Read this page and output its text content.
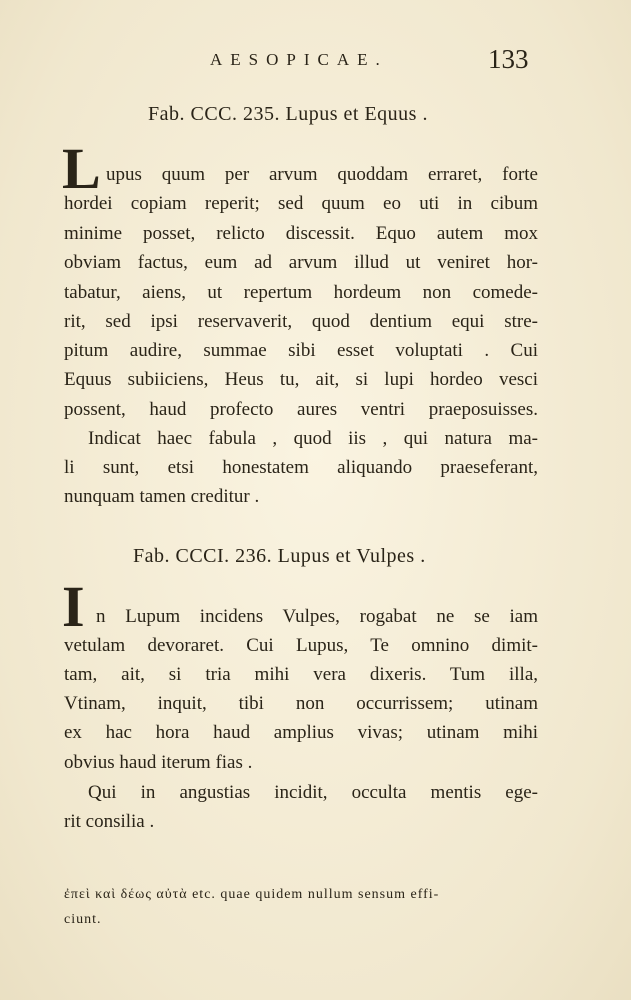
AESOPICAE.	133
Fab. CCC. 235. Lupus et Equus .
L upus quum per arvum quoddam erraret, forte
hordei copiam reperit; sed quum eo uti in cibum
minime posset, relicto discessit. Equo autem mox
obviam factus, eum ad arvum illud ut veniret hor-
tabatur, aiens, ut repertum hordeum non comede-
rit, sed ipsi reservaverit, quod dentium equi stre-
pitum audire, summae sibi esset voluptati . Cui
Equus subiiciens, Heus tu, ait, si lupi hordeo vesci
possent, haud profecto aures ventri praeposuisses.
Indicat haec fabula , quod iis , qui natura ma-
li sunt, etsi honestatem aliquando praeseferant,
nunquam tamen creditur .
Fab. CCCI. 236. Lupus et Vulpes .
I n Lupum incidens Vulpes, rogabat ne se iam
vetulam devoraret. Cui Lupus, Te omnino dimit-
tam, ait, si tria mihi vera dixeris. Tum illa,
Vtinam, inquit, tibi non occurrissem; utinam
ex hac hora haud amplius vivas; utinam mihi
obvius haud iterum fias .
Qui in angustias incidit, occulta mentis ege-
rit consilia .
ἐπεὶ καὶ δέως αὐτὰ etc. quae quidem nullum sensum effi-
ciunt.
